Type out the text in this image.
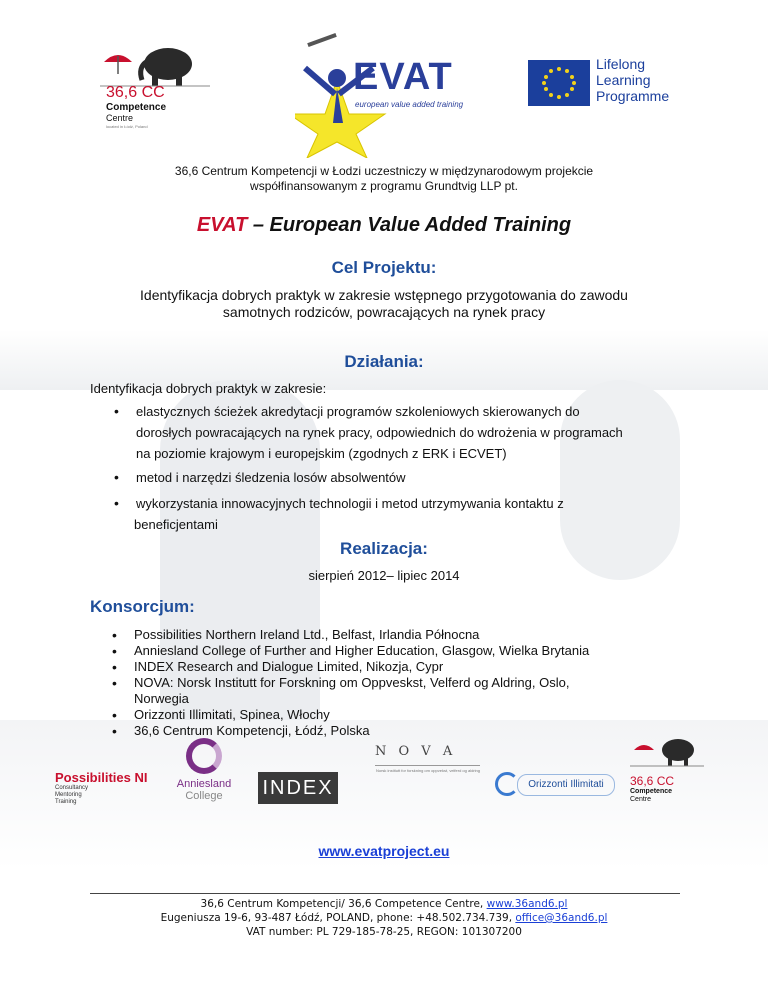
36,6 CC
Competence
Centre
located in Łódź, Poland
EVAT
european value added training
Lifelong
Learning
Programme
36,6 Centrum Kompetencji w Łodzi uczestniczy w międzynarodowym projekcie
współfinansowanym z programu Grundtvig LLP pt.
EVAT – European Value Added Training
Cel Projektu:
Identyfikacja dobrych praktyk w zakresie wstępnego przygotowania do zawodu
samotnych rodziców, powracających na rynek pracy
Działania:
Identyfikacja dobrych praktyk w zakresie:
• elastycznych ścieżek akredytacji programów szkoleniowych skierowanych do
dorosłych powracających na rynek pracy, odpowiednich do wdrożenia w programach
na poziomie krajowym i europejskim (zgodnych z ERK i ECVET)
• metod i narzędzi śledzenia losów absolwentów
• wykorzystania innowacyjnych technologii i metod utrzymywania kontaktu z
beneficjentami
Realizacja:
sierpień 2012– lipiec 2014
Konsorcjum:
• Possibilities Northern Ireland Ltd., Belfast, Irlandia Północna
• Anniesland College of Further and Higher Education, Glasgow, Wielka Brytania
• INDEX Research and Dialogue Limited, Nikozja, Cypr
• NOVA: Norsk Institutt for Forskning om Oppveskst, Velferd og Aldring, Oslo,
Norwegia
• Orizzonti Illimitati, Spinea, Włochy
• 36,6 Centrum Kompetencji, Łódź, Polska
Possibilities NI
Consultancy
Mentoring
Training
Anniesland
College	INDEX
N O V A
Norsk institutt for forskning om oppvekst, velferd og aldring
Orizzonti Illimitati	36,6 CC
Competence
Centre
www.evatproject.eu
36,6 Centrum Kompetencji/ 36,6 Competence Centre, www.36and6.pl
Eugeniusza 19-6, 93-487 Łódź, POLAND, phone: +48.502.734.739, office@36and6.pl
VAT number: PL 729-185-78-25, REGON: 101307200
